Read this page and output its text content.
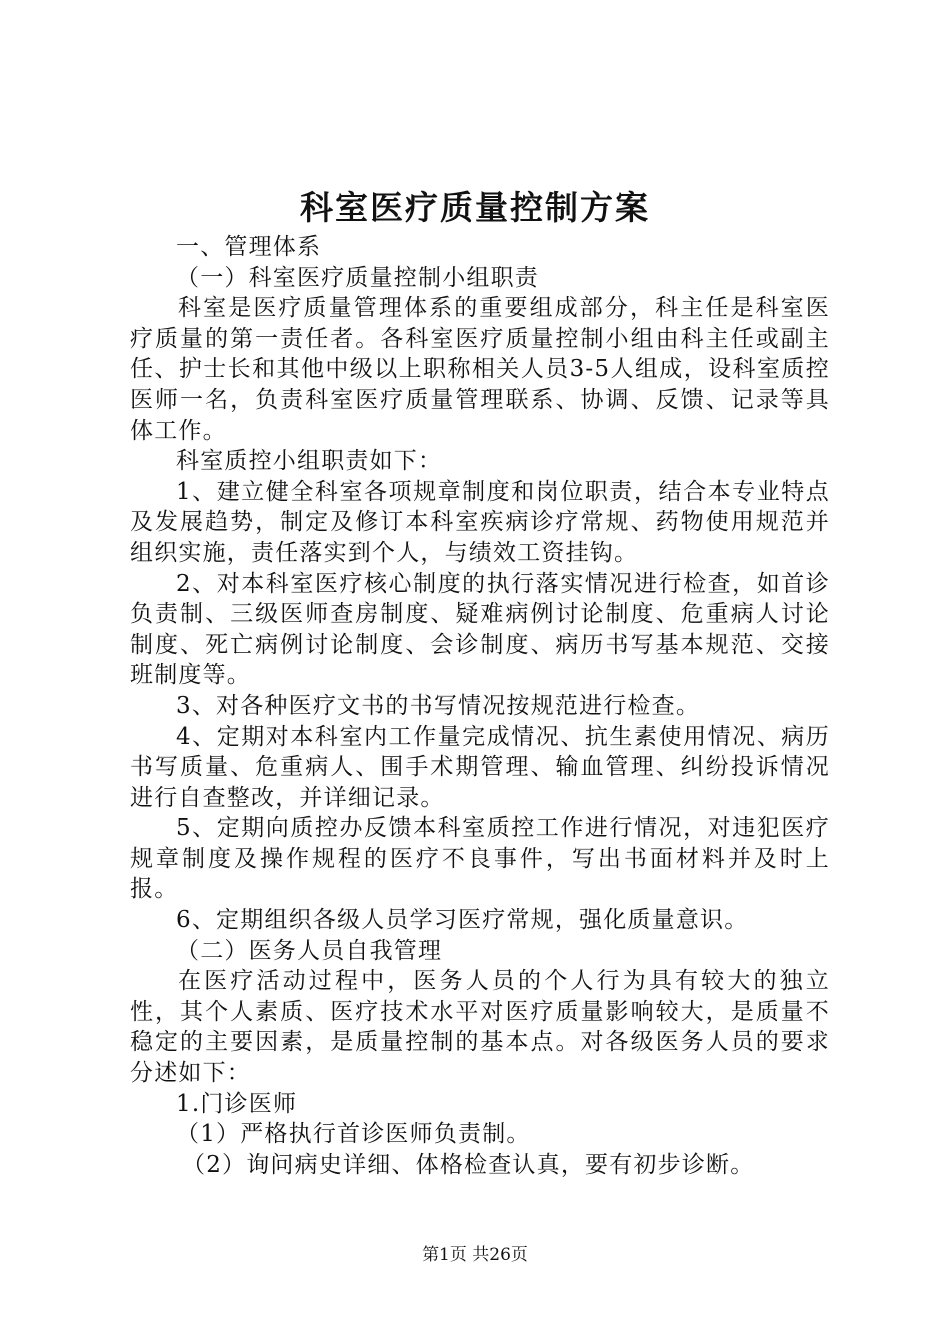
科室医疗质量控制方案

一、管理体系

（一）科室医疗质量控制小组职责

科室是医疗质量管理体系的重要组成部分，科主任是科室医疗质量的第一责任者。各科室医疗质量控制小组由科主任或副主任、护士长和其他中级以上职称相关人员3-5人组成，设科室质控医师一名，负责科室医疗质量管理联系、协调、反馈、记录等具体工作。

科室质控小组职责如下：

1、建立健全科室各项规章制度和岗位职责，结合本专业特点及发展趋势，制定及修订本科室疾病诊疗常规、药物使用规范并组织实施，责任落实到个人，与绩效工资挂钩。

2、对本科室医疗核心制度的执行落实情况进行检查，如首诊负责制、三级医师查房制度、疑难病例讨论制度、危重病人讨论制度、死亡病例讨论制度、会诊制度、病历书写基本规范、交接班制度等。

3、对各种医疗文书的书写情况按规范进行检查。

4、定期对本科室内工作量完成情况、抗生素使用情况、病历书写质量、危重病人、围手术期管理、输血管理、纠纷投诉情况进行自查整改，并详细记录。

5、定期向质控办反馈本科室质控工作进行情况，对违犯医疗规章制度及操作规程的医疗不良事件，写出书面材料并及时上报。

6、定期组织各级人员学习医疗常规，强化质量意识。

（二）医务人员自我管理

在医疗活动过程中，医务人员的个人行为具有较大的独立性，其个人素质、医疗技术水平对医疗质量影响较大，是质量不稳定的主要因素，是质量控制的基本点。对各级医务人员的要求分述如下：

1.门诊医师

（1）严格执行首诊医师负责制。

（2）询问病史详细、体格检查认真，要有初步诊断。

第1页 共26页
